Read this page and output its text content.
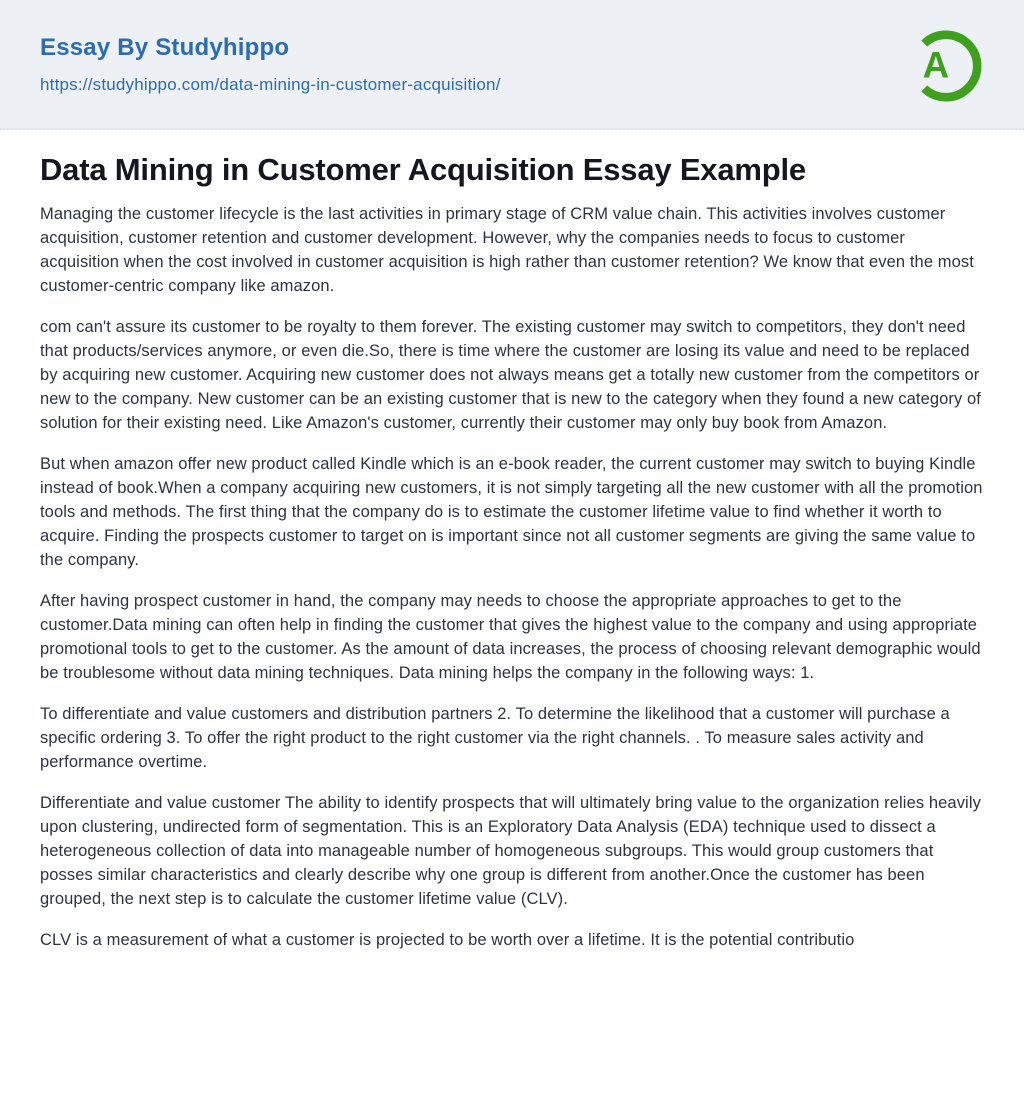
Essay By Studyhippo
https://studyhippo.com/data-mining-in-customer-acquisition/	A
Data Mining in Customer Acquisition Essay Example

Managing the customer lifecycle is the last activities in primary stage of CRM value chain. This activities involves customer acquisition, customer retention and customer development. However, why the companies needs to focus to customer acquisition when the cost involved in customer acquisition is high rather than customer retention? We know that even the most customer-centric company like amazon.

com can't assure its customer to be royalty to them forever. The existing customer may switch to competitors, they don't need that products/services anymore, or even die.So, there is time where the customer are losing its value and need to be replaced by acquiring new customer. Acquiring new customer does not always means get a totally new customer from the competitors or new to the company. New customer can be an existing customer that is new to the category when they found a new category of solution for their existing need. Like Amazon's customer, currently their customer may only buy book from Amazon.

But when amazon offer new product called Kindle which is an e-book reader, the current customer may switch to buying Kindle instead of book.When a company acquiring new customers, it is not simply targeting all the new customer with all the promotion tools and methods. The first thing that the company do is to estimate the customer lifetime value to find whether it worth to acquire. Finding the prospects customer to target on is important since not all customer segments are giving the same value to the company.

After having prospect customer in hand, the company may needs to choose the appropriate approaches to get to the customer.Data mining can often help in finding the customer that gives the highest value to the company and using appropriate promotional tools to get to the customer. As the amount of data increases, the process of choosing relevant demographic would be troublesome without data mining techniques. Data mining helps the company in the following ways: 1.

To differentiate and value customers and distribution partners 2. To determine the likelihood that a customer will purchase a specific ordering 3. To offer the right product to the right customer via the right channels. . To measure sales activity and performance overtime.

Differentiate and value customer The ability to identify prospects that will ultimately bring value to the organization relies heavily upon clustering, undirected form of segmentation. This is an Exploratory Data Analysis (EDA) technique used to dissect a heterogeneous collection of data into manageable number of homogeneous subgroups. This would group customers that posses similar characteristics and clearly describe why one group is different from another.Once the customer has been grouped, the next step is to calculate the customer lifetime value (CLV).

CLV is a measurement of what a customer is projected to be worth over a lifetime. It is the potential contributio
